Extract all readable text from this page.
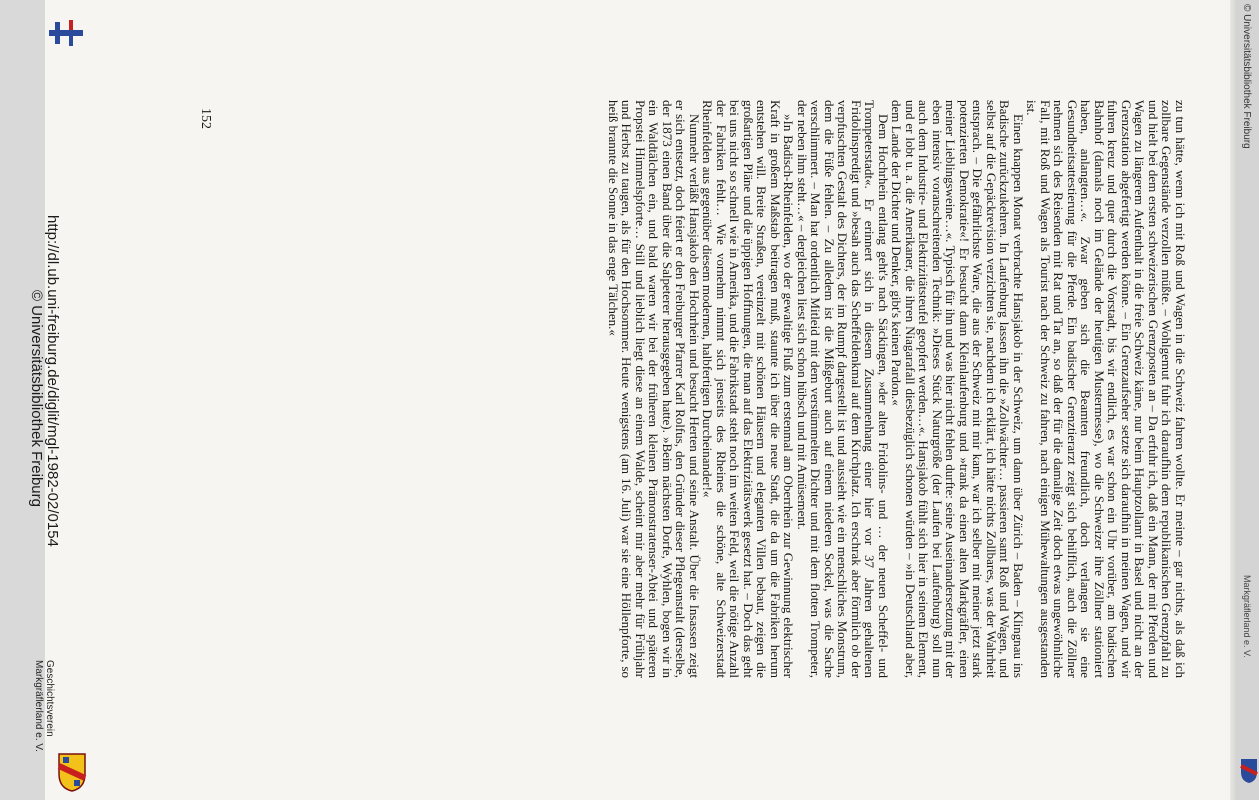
http://dl.ub.uni-freiburg.de/diglit/mgl-1982-02/0154
© Universitätsbibliothek Freiburg
Geschichtsverein
Markgräflerland e. V.

zu tun hätte, wenn ich mit Roß und Wagen in die Schweiz fahren wollte. Er meinte – gar nichts, als daß ich zollbare Gegenstände verzollen müßte. – Wohlgemut fuhr ich daraufhin dem republikanischen Grenzpfahl zu und hielt bei dem ersten schweizerischen Grenzposten an – Da erfuhr ich, daß ein Mann, der mit Pferden und Wagen zu längerem Aufenthalt in die freie Schweiz käme, nur beim Hauptzollamt in Basel und nicht an der Grenzstation abgefertigt werden könne. – Ein Grenzaufseher setzte sich daraufhin in meinen Wagen, und wir fuhren kreuz und quer durch die Vorstadt, bis wir endlich, es war schon ein Uhr vorüber, am badischen Bahnhof (damals noch im Gelände der heutigen Mustermesse), wo die Schweizer ihre Zöllner stationiert haben, anlangten…«. Zwar geben sich die Beamten freundlich, doch verlangen sie eine Gesundheitsattestierung für die Pferde. Ein badischer Grenztierarzt zeigt sich behilflich, auch die Zöllner nehmen sich des Reisenden mit Rat und Tat an, so daß der für die damalige Zeit doch etwas ungewöhnliche Fall, mit Roß und Wagen als Tourist nach der Schweiz zu fahren, nach einigen Mühewaltungen ausgestanden ist.

Einen knappen Monat verbrachte Hansjakob in der Schweiz, um dann über Zürich – Baden – Klingnau ins Badische zurückzukehren. In Laufenburg lassen ihn die »Zollwächter… passieren samt Roß und Wagen, und selbst auf die Gepäckrevision verzichten sie, nachdem ich erklärt, ich hätte nichts Zollbares, was der Wahrheit entsprach. – Die gefährlichste Ware, die aus der Schweiz mit mir kam, war ich selber mit meiner jetzt stark potenzierten Demokratie«! Er besucht dann Kleinlaufenburg und »trank da einen alten Markgräfler, einen meiner Lieblingsweine…«. Typisch für ihn und was hier nicht fehlen durfte: seine Auseinandersetzung mit der eben intensiv voranschreitenden Technik: »Dieses Stück Naturgröße (der Laufen bei Laufenburg) soll nun auch dem Industrie- und Elektrizitätsteufel geopfert werden…«. Hansjakob fühlt sich hier in seinem Element, und er lobt u. a. die Amerikaner, die ihren Niagarafall diesbezüglich schonen würden – »in Deutschland aber, dem Lande der Dichter und Denker, gibt's keinen Pardon.«

Dem Hochrhein entlang geht's nach Säckingen, »der alten Fridolins- und … der neuen Scheffel- und Trompeterstadt«. Er erinnert sich in diesem Zusammenhang einer hier vor 37 Jahren gehaltenen Fridolinspredigt und »besah auch das Scheffeldenkmal auf dem Kirchplatz. Ich erschrak aber förmlich ob der verpfuschten Gestalt des Dichters, der im Rumpf dargestellt ist und aussieht wie ein menschliches Monstrum, dem die Füße fehlen. – Zu alledem ist die Mißgeburt auch auf einem niederen Sockel, was die Sache verschlimmert. – Man hat ordentlich Mitleid mit dem verstümmelten Dichter und mit dem flotten Trompeter, der neben ihm steht…« – dergleichen liest sich schon hübsch und mit Amüsement.

»In Badisch-Rheinfelden, wo der gewaltige Fluß zum erstenmal am Oberrhein zur Gewinnung elektrischer Kraft in großem Maßstab beitragen muß, staunte ich über die neue Stadt, die da um die Fabriken herum entstehen will. Breite Straßen, vereinzelt mit schönen Häusern und eleganten Villen bebaut, zeigen die großartigen Pläne und die üppigen Hoffnungen, die man auf das Elektrizitätswerk gesetzt hat. – Doch das geht bei uns nicht so schnell wie in Amerika, und die Fabrikstadt steht noch im weiten Feld, weil die nötige Anzahl der Fabriken fehlt… Wie vornehm nimmt sich jenseits des Rheines die schöne, alte Schweizerstadt Rheinfelden aus gegenüber diesem modernen, halbfertigen Durcheinander!«

Nunmehr verläßt Hansjakob den Hochrhein und besucht Herten und seine Anstalt. Über die Insassen zeigt er sich entsetzt, doch feiert er den Freiburger Pfarrer Karl Rolfus, den Gründer dieser Pflegeanstalt (derselbe, der 1873 einen Band über die Salpeterer herausgegeben hatte). »Beim nächsten Dorfe, Wyhlen, bogen wir in ein Waldtälchen ein, und bald waren wir bei der früheren kleinen Prämonstratenser-Abtei und späteren Propstei Himmelspforte… Still und lieblich liegt diese an einem Walde, scheint mir aber mehr für Frühjahr und Herbst zu taugen, als für den Hochsommer. Heute wenigstens (am 16. Juli) war sie eine Höllenpforte, so heiß brannte die Sonne in das enge Tälchen.«

152	© Universitätsbibliothek Freiburg
Markgräflerland e. V.
